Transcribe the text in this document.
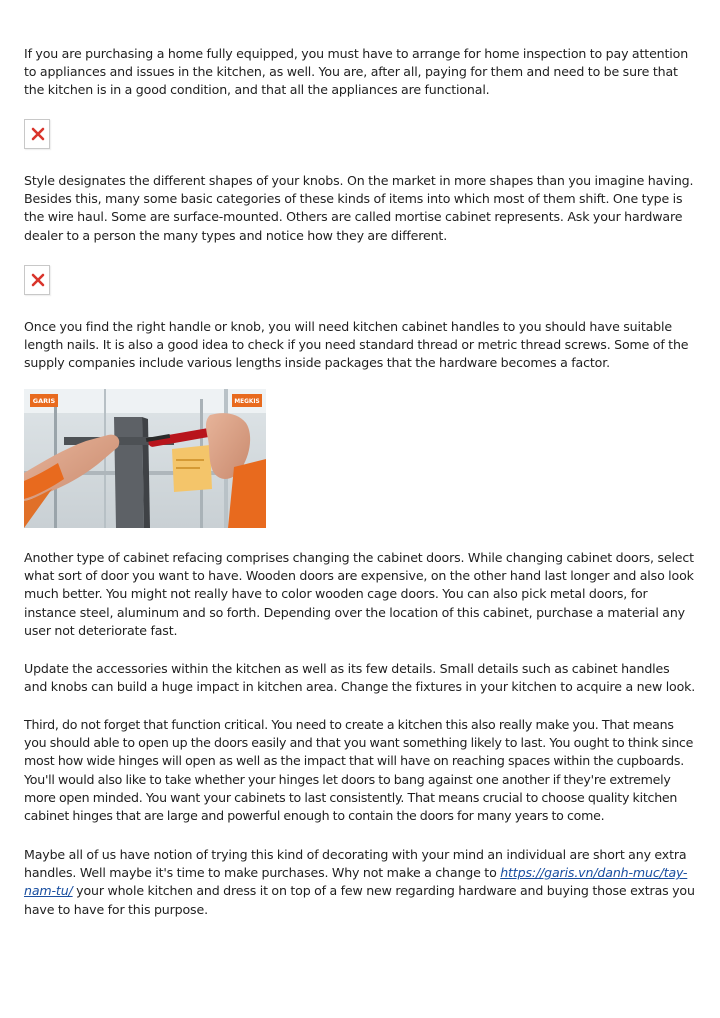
If you are purchasing a home fully equipped, you must have to arrange for home inspection to pay attention to appliances and issues in the kitchen, as well. You are, after all, paying for them and need to be sure that the kitchen is in a good condition, and that all the appliances are functional.

Style designates the different shapes of your knobs. On the market in more shapes than you imagine having. Besides this, many some basic categories of these kinds of items into which most of them shift. One type is the wire haul. Some are surface-mounted. Others are called mortise cabinet represents. Ask your hardware dealer to a person the many types and notice how they are different.

Once you find the right handle or knob, you will need kitchen cabinet handles to you should have suitable length nails. It is also a good idea to check if you need standard thread or metric thread screws. Some of the supply companies include various lengths inside packages that the hardware becomes a factor.

GARIS	MEGKIS

Another type of cabinet refacing comprises changing the cabinet doors. While changing cabinet doors, select what sort of door you want to have. Wooden doors are expensive, on the other hand last longer and also look much better. You might not really have to color wooden cage doors. You can also pick metal doors, for instance steel, aluminum and so forth. Depending over the location of this cabinet, purchase a material any user not deteriorate fast.

Update the accessories within the kitchen as well as its few details. Small details such as cabinet handles and knobs can build a huge impact in kitchen area. Change the fixtures in your kitchen to acquire a new look.

Third, do not forget that function critical. You need to create a kitchen this also really make you. That means you should able to open up the doors easily and that you want something likely to last. You ought to think since most how wide hinges will open as well as the impact that will have on reaching spaces within the cupboards. You'll would also like to take whether your hinges let doors to bang against one another if they're extremely more open minded. You want your cabinets to last consistently. That means crucial to choose quality kitchen cabinet hinges that are large and powerful enough to contain the doors for many years to come.

Maybe all of us have notion of trying this kind of decorating with your mind an individual are short any extra handles. Well maybe it's time to make purchases. Why not make a change to https://garis.vn/danh-muc/tay-nam-tu/ your whole kitchen and dress it on top of a few new regarding hardware and buying those extras you have to have for this purpose.
